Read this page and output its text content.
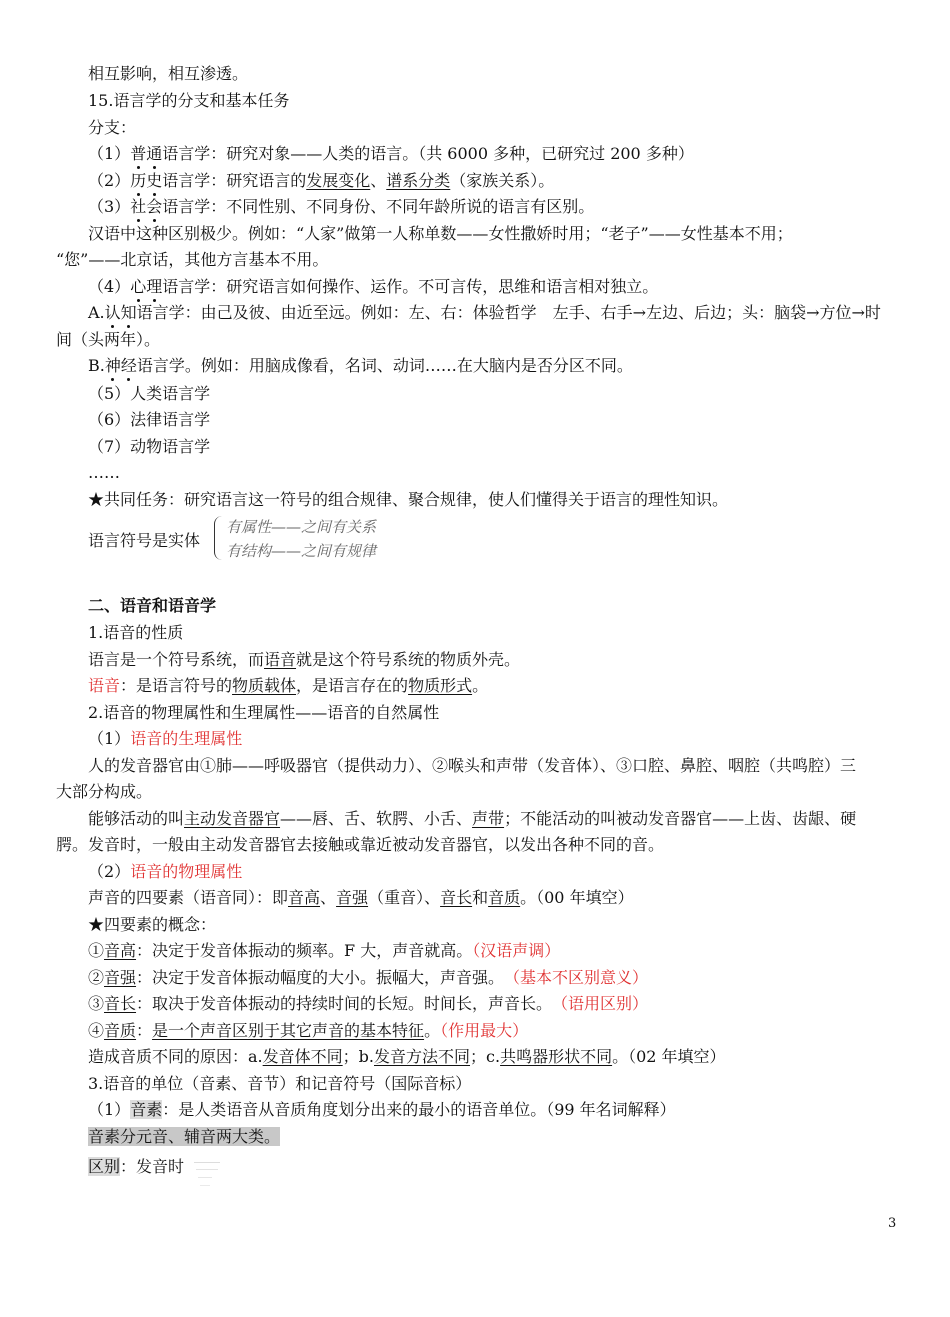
相互影响，相互渗透。
15.语言学的分支和基本任务
分支：
（1）普通语言学：研究对象——人类的语言。（共 6000 多种，已研究过 200 多种）
（2）历史语言学：研究语言的发展变化、谱系分类（家族关系）。
（3）社会语言学：不同性别、不同身份、不同年龄所说的语言有区别。
汉语中这种区别极少。例如：“人家”做第一人称单数——女性撒娇时用；“老子”——女性基本不用；
“您”——北京话，其他方言基本不用。
（4）心理语言学：研究语言如何操作、运作。不可言传，思维和语言相对独立。
A.认知语言学：由己及彼、由近至远。例如：左、右：体验哲学　左手、右手→左边、后边；头：脑袋→方位→时
间（头两年）。
B.神经语言学。例如：用脑成像看，名词、动词……在大脑内是否分区不同。
（5）人类语言学
（6）法律语言学
（7）动物语言学
……
★共同任务：研究语言这一符号的组合规律、聚合规律，使人们懂得关于语言的理性知识。
语言符号是实体
有属性——之间有关系
有结构——之间有规律
二、语音和语音学
1.语音的性质
语言是一个符号系统，而语音就是这个符号系统的物质外壳。
语音：是语言符号的物质载体，是语言存在的物质形式。
2.语音的物理属性和生理属性——语音的自然属性
（1）语音的生理属性
人的发音器官由①肺——呼吸器官（提供动力）、②喉头和声带（发音体）、③口腔、鼻腔、咽腔（共鸣腔）三
大部分构成。
能够活动的叫主动发音器官——唇、舌、软腭、小舌、声带；不能活动的叫被动发音器官——上齿、齿龈、硬
腭。发音时，一般由主动发音器官去接触或靠近被动发音器官，以发出各种不同的音。
（2）语音的物理属性
声音的四要素（语音同）：即音高、音强（重音）、音长和音质。（00 年填空）
★四要素的概念：
①音高：决定于发音体振动的频率。F 大，声音就高。（汉语声调）
②音强：决定于发音体振动幅度的大小。振幅大，声音强。　（基本不区别意义）
③音长：取决于发音体振动的持续时间的长短。时间长，声音长。　（语用区别）
④音质：是一个声音区别于其它声音的基本特征。（作用最大）
造成音质不同的原因：a.发音体不同；b.发音方法不同；c.共鸣器形状不同。（02 年填空）
3.语音的单位（音素、音节）和记音符号（国际音标）
（1）音素：是人类语音从音质角度划分出来的最小的语音单位。（99 年名词解释）
音素分元音、辅音两大类。
区别：发音时
3
